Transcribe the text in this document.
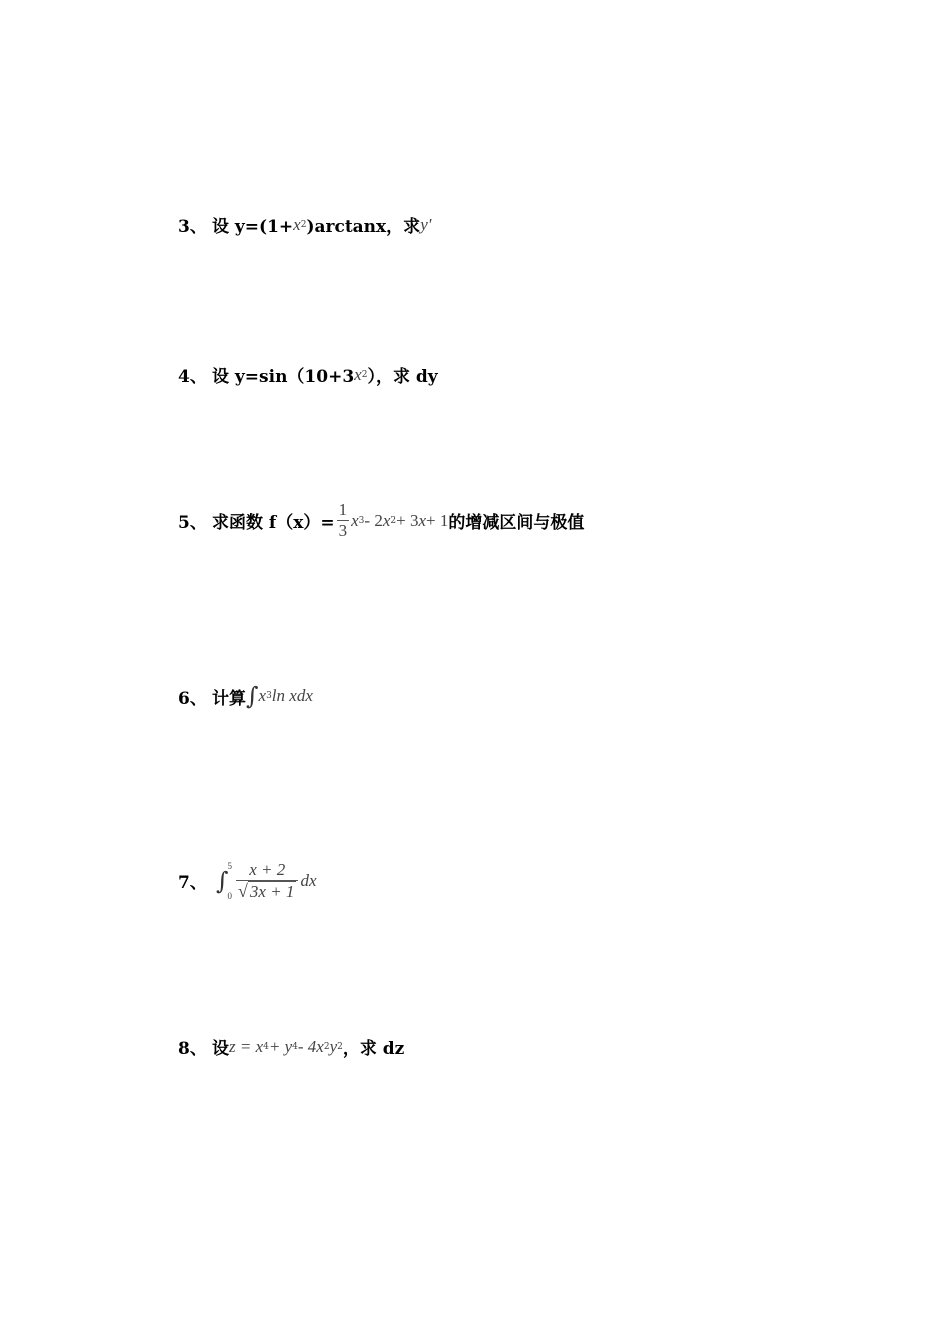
3、 设 y=(1+ x 2 )arctanx，求 y'
4、 设 y=sin（10+3 x 2 ），求 dy
5、 求函数 $f(x)= \frac{1}{3}$ x 3 - 2 x 2 + 3 x + 1 的增减区间与极值
6、 计算 ∫ x 3 ln xdx
7、 ∫
5
$0 \frac{x + 2}{√ 3x + 1}$ dx
8、 设 z = x 4 + y 4 - 4x 2 y 2 ，求 dz
